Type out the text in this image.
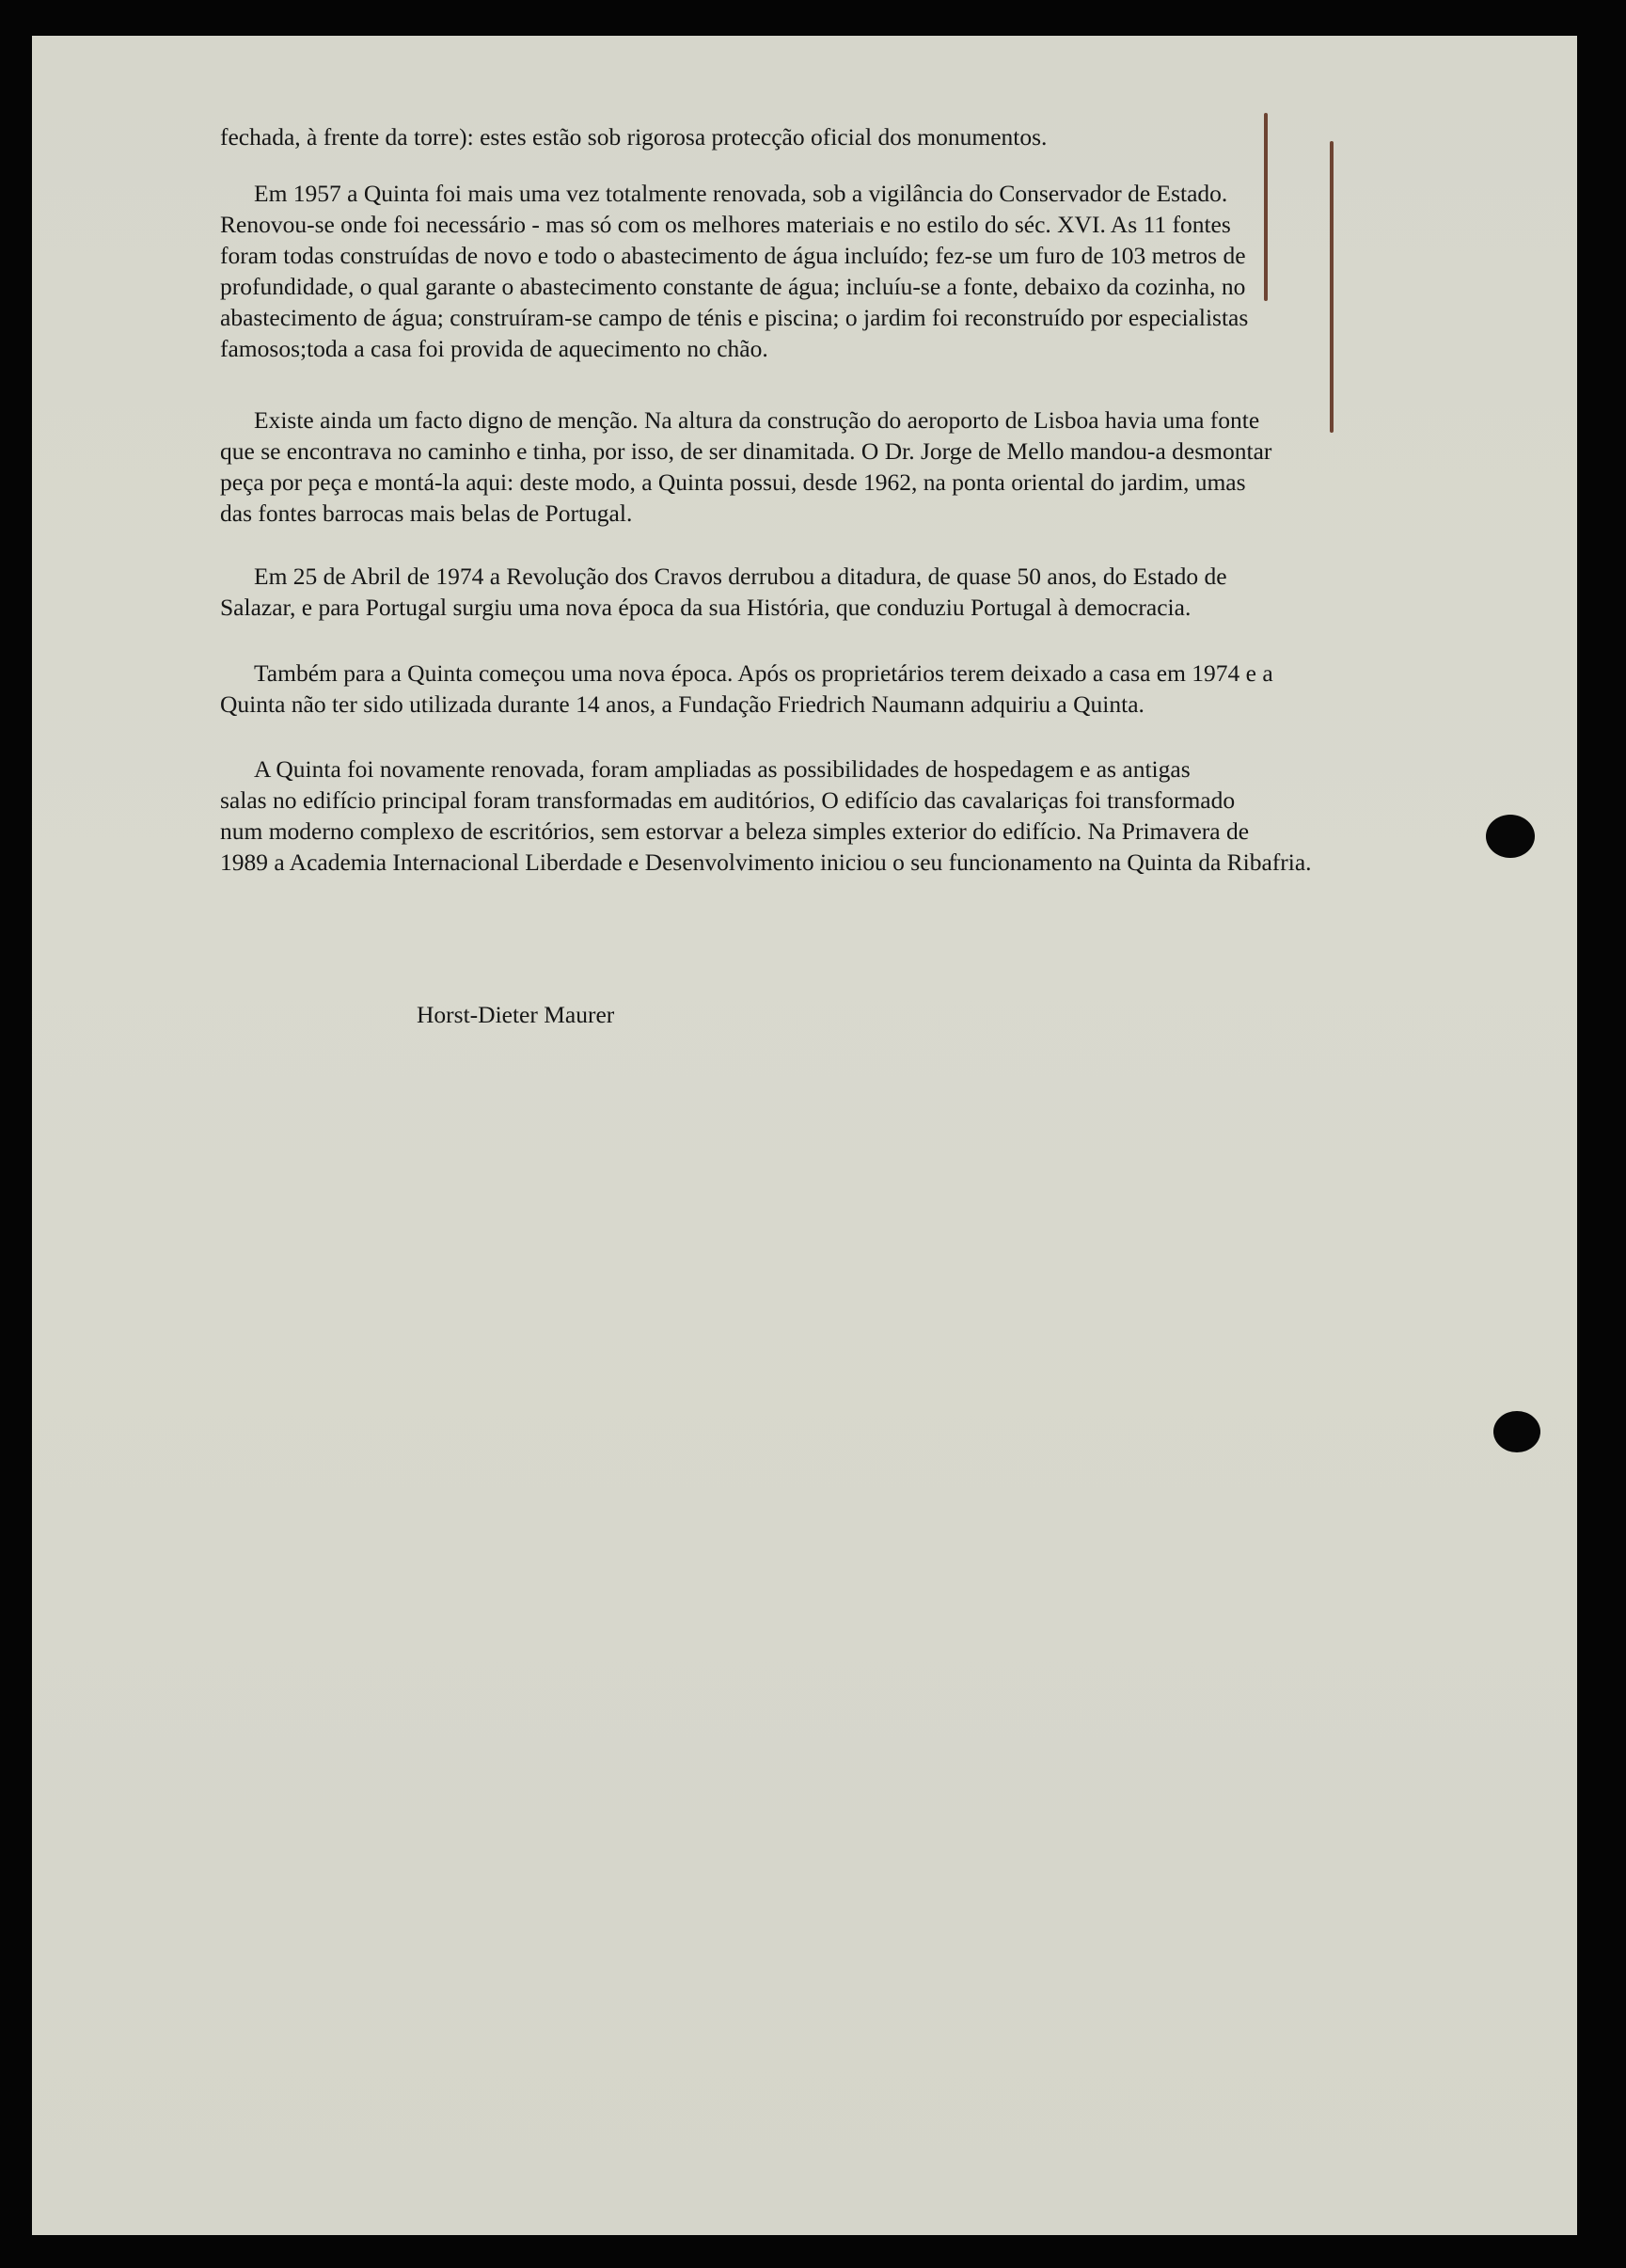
fechada, à frente da torre): estes estão sob rigorosa protecção oficial dos monumentos.
Em 1957 a Quinta foi mais uma vez totalmente renovada, sob a vigilância do Conservador de Estado.
Renovou-se onde foi necessário - mas só com os melhores materiais e no estilo do séc. XVI. As 11 fontes
foram todas construídas de novo e todo o abastecimento de água incluído; fez-se um furo de 103 metros de
profundidade, o qual garante o abastecimento constante de água; incluíu-se a fonte, debaixo da cozinha, no
abastecimento de água; construíram-se campo de ténis e piscina; o jardim foi reconstruído por especialistas
famosos;toda a casa foi provida de aquecimento no chão.
Existe ainda um facto digno de menção. Na altura da construção do aeroporto de Lisboa havia uma fonte
que se encontrava no caminho e tinha, por isso, de ser dinamitada. O Dr. Jorge de Mello mandou-a desmontar
peça por peça e montá-la aqui: deste modo, a Quinta possui, desde 1962, na ponta oriental do jardim, umas
das fontes barrocas mais belas de Portugal.
Em 25 de Abril de 1974 a Revolução dos Cravos derrubou a ditadura, de quase 50 anos, do Estado de
Salazar, e para Portugal surgiu uma nova época da sua História, que conduziu Portugal à democracia.
Também para a Quinta começou uma nova época. Após os proprietários terem deixado a casa em 1974 e a
Quinta não ter sido utilizada durante 14 anos, a Fundação Friedrich Naumann adquiriu a Quinta.
A Quinta foi novamente renovada, foram ampliadas as possibilidades de hospedagem e as antigas
salas no edifício principal foram transformadas em auditórios, O edifício das cavalariças foi transformado
num moderno complexo de escritórios, sem estorvar a beleza simples exterior do edifício. Na Primavera de
1989 a Academia Internacional Liberdade e Desenvolvimento iniciou o seu funcionamento na Quinta da Ribafria.
Horst-Dieter Maurer
